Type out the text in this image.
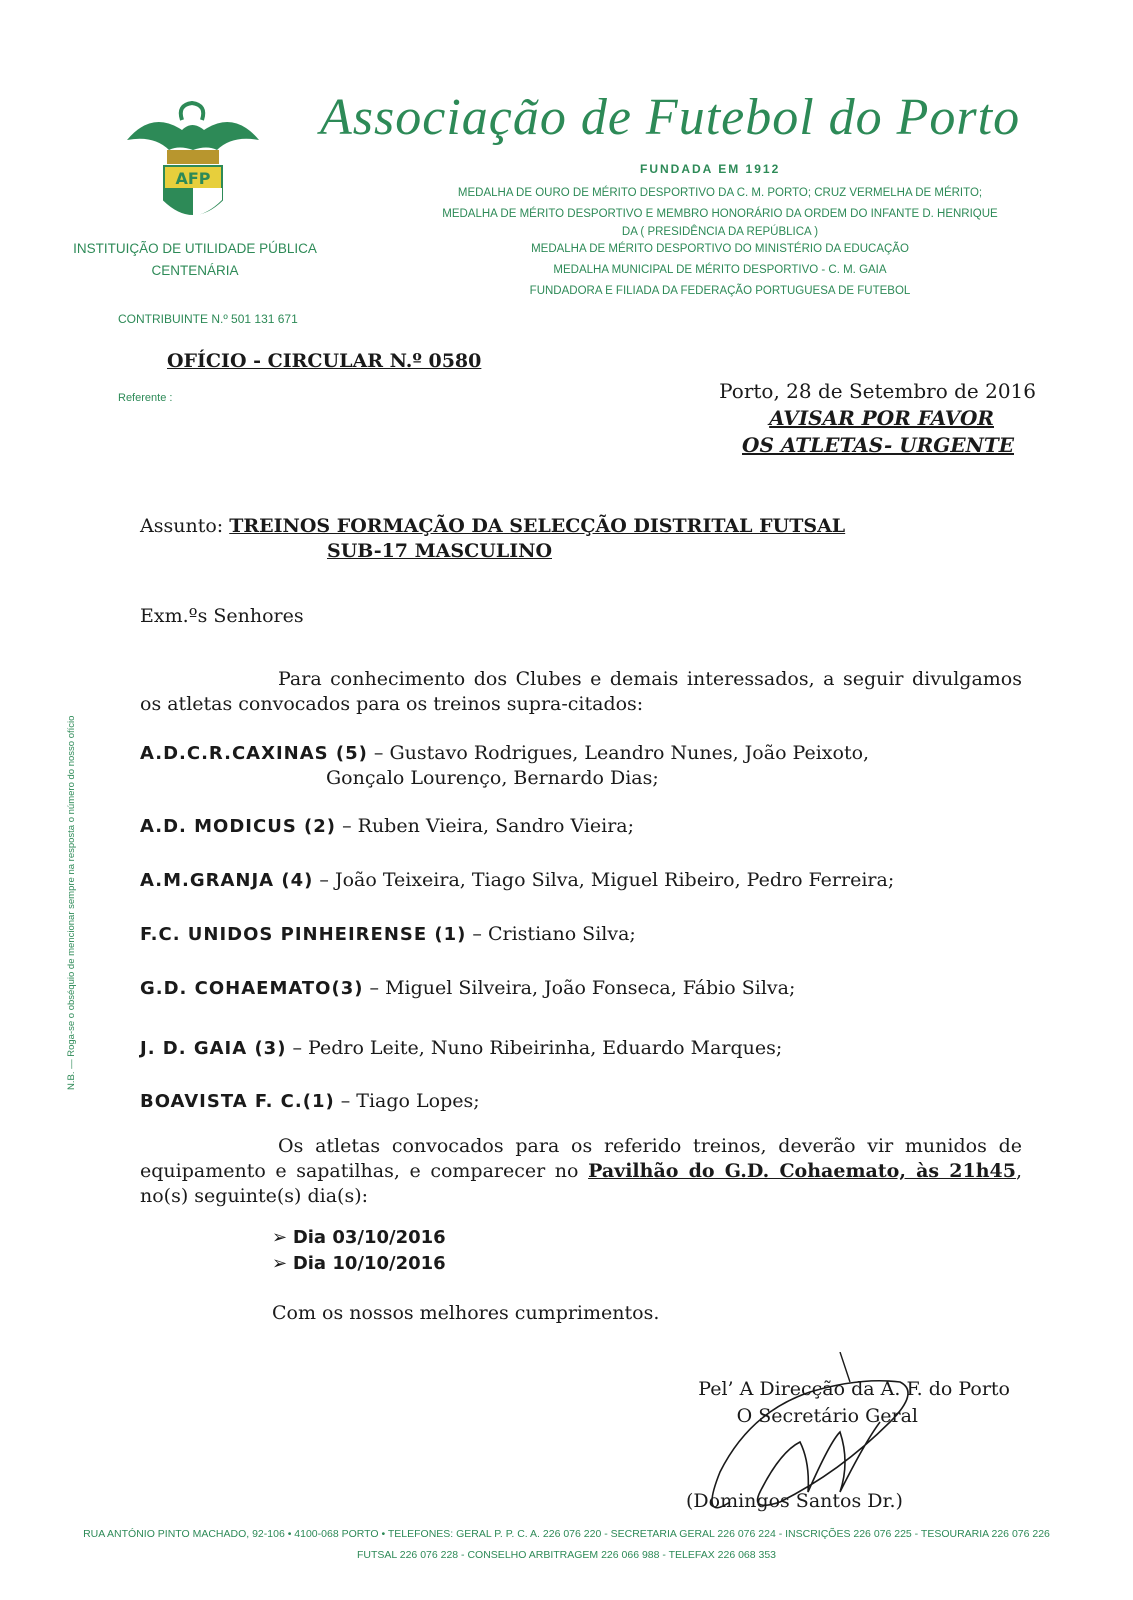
AFP
Associação de Futebol do Porto
FUNDADA EM 1912
MEDALHA DE OURO DE MÉRITO DESPORTIVO DA C. M. PORTO; CRUZ VERMELHA DE MÉRITO;
MEDALHA DE MÉRITO DESPORTIVO E MEMBRO HONORÁRIO DA ORDEM DO INFANTE D. HENRIQUE
DA ( PRESIDÊNCIA DA REPÚBLICA )
MEDALHA DE MÉRITO DESPORTIVO DO MINISTÉRIO DA EDUCAÇÃO
MEDALHA MUNICIPAL DE MÉRITO DESPORTIVO - C. M. GAIA
FUNDADORA E FILIADA DA FEDERAÇÃO PORTUGUESA DE FUTEBOL
INSTITUIÇÃO DE UTILIDADE PÚBLICA
CENTENÁRIA
CONTRIBUINTE N.º 501 131 671
OFÍCIO - CIRCULAR N.º 0580
Referente :	Porto, 28 de Setembro de 2016
AVISAR POR FAVOR
OS ATLETAS- URGENTE
Assunto: TREINOS FORMAÇÃO DA SELECÇÃO DISTRITAL FUTSAL
SUB-17 MASCULINO

Exm.ºs Senhores

Para conhecimento dos Clubes e demais interessados, a seguir divulgamos os atletas convocados para os treinos supra-citados:

A.D.C.R.CAXINAS (5) – Gustavo Rodrigues, Leandro Nunes, João Peixoto,
Gonçalo Lourenço, Bernardo Dias;
A.D. MODICUS (2) – Ruben Vieira, Sandro Vieira;
A.M.GRANJA (4) – João Teixeira, Tiago Silva, Miguel Ribeiro, Pedro Ferreira;
F.C. UNIDOS PINHEIRENSE (1) – Cristiano Silva;
G.D. COHAEMATO(3) – Miguel Silveira, João Fonseca, Fábio Silva;
J. D. GAIA (3) – Pedro Leite, Nuno Ribeirinha, Eduardo Marques;
BOAVISTA F. C.(1) – Tiago Lopes;

Os atletas convocados para os referido treinos, deverão vir munidos de equipamento e sapatilhas, e comparecer no Pavilhão do G.D. Cohaemato, às 21h45, no(s) seguinte(s) dia(s):

➢ Dia 03/10/2016
➢ Dia 10/10/2016

Com os nossos melhores cumprimentos.

Pel’ A Direcção da A. F. do Porto
O Secretário Geral
(Domingos Santos Dr.)
N.B. — Roga-se o obséquio de mencionar sempre na resposta o número do nosso ofício
RUA ANTÓNIO PINTO MACHADO, 92-106 • 4100-068 PORTO • TELEFONES: GERAL P. P. C. A. 226 076 220 - SECRETARIA GERAL 226 076 224 - INSCRIÇÕES 226 076 225 - TESOURARIA 226 076 226
FUTSAL 226 076 228 - CONSELHO ARBITRAGEM 226 066 988 - TELEFAX 226 068 353
